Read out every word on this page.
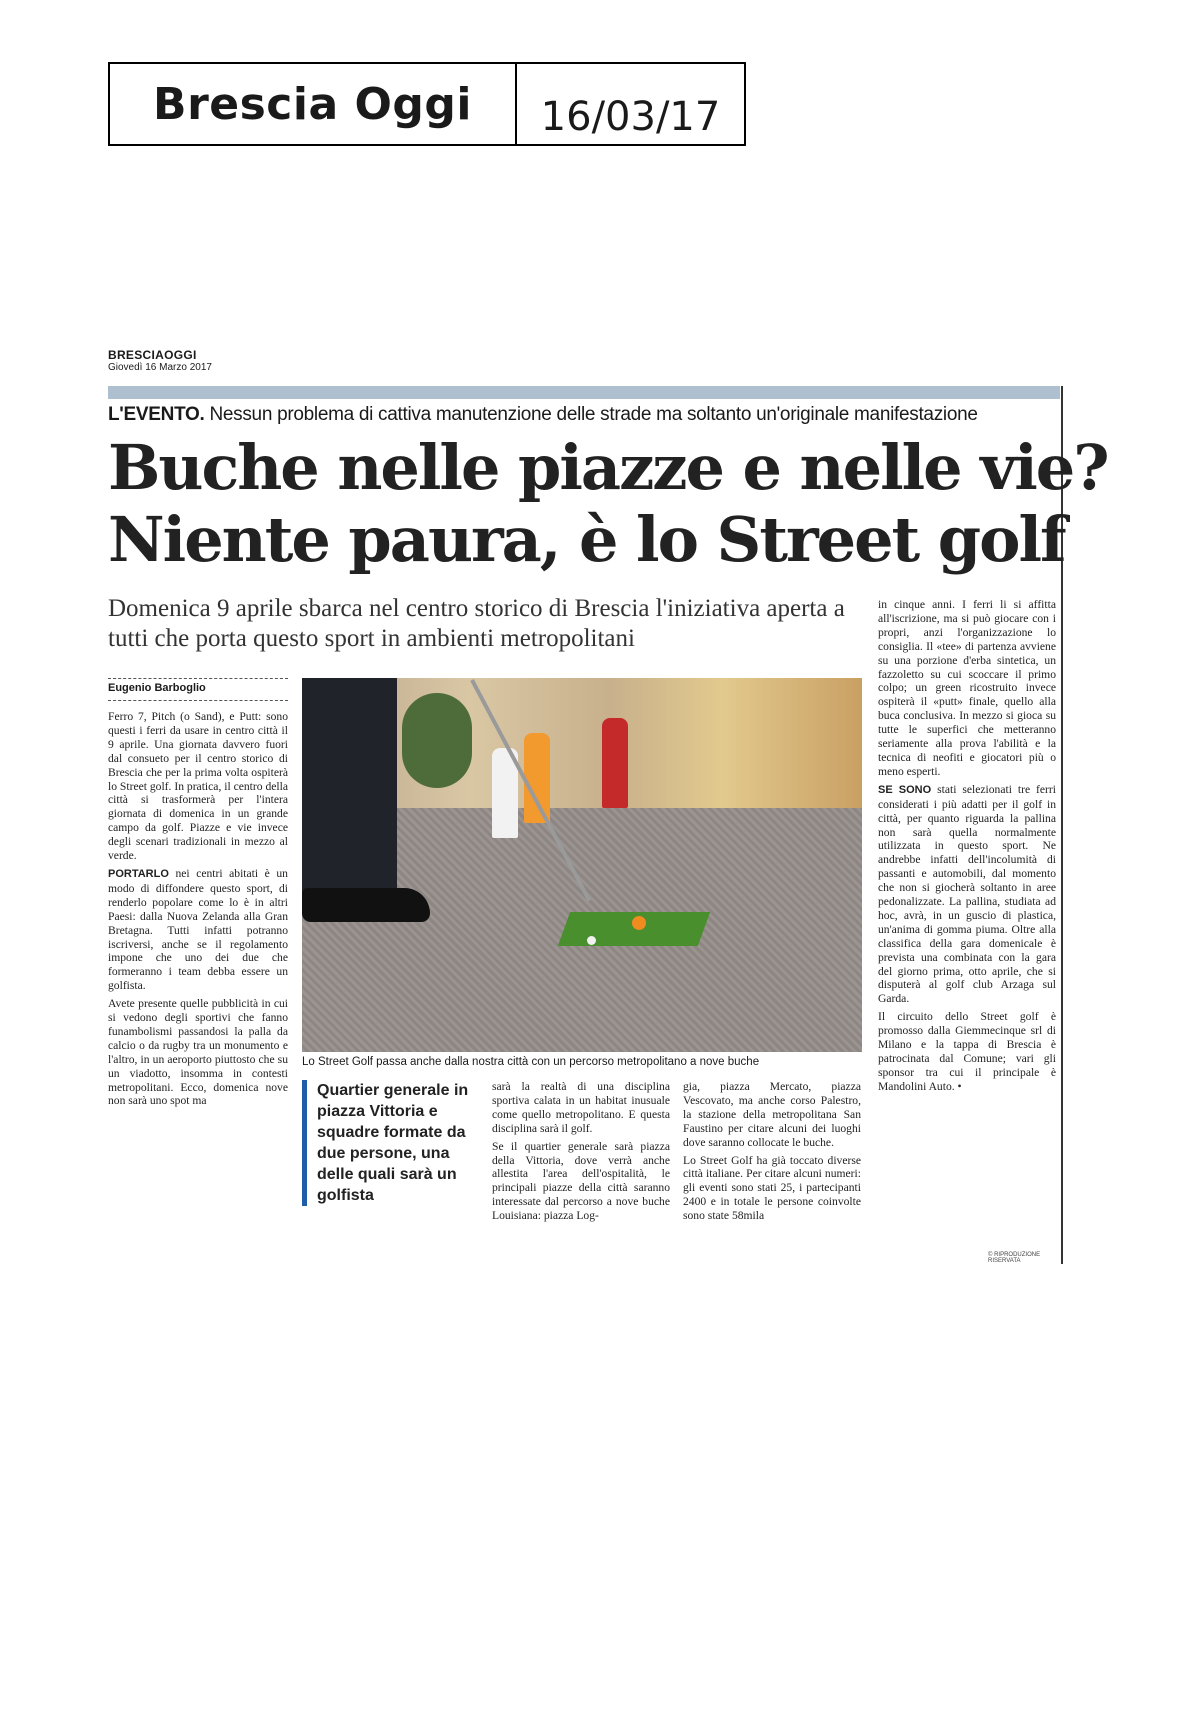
Brescia Oggi	16/03/17
BRESCIAOGGI
Giovedì 16 Marzo 2017
L'EVENTO. Nessun problema di cattiva manutenzione delle strade ma soltanto un'originale manifestazione
Buche nelle piazze e nelle vie?
Niente paura, è lo Street golf
Domenica 9 aprile sbarca nel centro storico di Brescia l'iniziativa aperta a tutti che porta questo sport in ambienti metropolitani
Eugenio Barboglio

Ferro 7, Pitch (o Sand), e Putt: sono questi i ferri da usare in centro città il 9 aprile. Una giornata davvero fuori dal consueto per il centro storico di Brescia che per la prima volta ospiterà lo Street golf. In pratica, il centro della città si trasformerà per l'intera giornata di domenica in un grande campo da golf. Piazze e vie invece degli scenari tradizionali in mezzo al verde.

PORTARLO nei centri abitati è un modo di diffondere questo sport, di renderlo popolare come lo è in altri Paesi: dalla Nuova Zelanda alla Gran Bretagna. Tutti infatti potranno iscriversi, anche se il regolamento impone che uno dei due che formeranno i team debba essere un golfista.

Avete presente quelle pubblicità in cui si vedono degli sportivi che fanno funambolismi passandosi la palla da calcio o da rugby tra un monumento e l'altro, in un aeroporto piuttosto che su un viadotto, insomma in contesti metropolitani. Ecco, domenica nove non sarà uno spot ma

Lo Street Golf passa anche dalla nostra città con un percorso metropolitano a nove buche
Quartier generale in piazza Vittoria e squadre formate da due persone, una delle quali sarà un golfista

sarà la realtà di una disciplina sportiva calata in un habitat inusuale come quello metropolitano. E questa disciplina sarà il golf.

Se il quartier generale sarà piazza della Vittoria, dove verrà anche allestita l'area dell'ospitalità, le principali piazze della città saranno interessate dal percorso a nove buche Louisiana: piazza Log-

gia, piazza Mercato, piazza Vescovato, ma anche corso Palestro, la stazione della metropolitana San Faustino per citare alcuni dei luoghi dove saranno collocate le buche.

Lo Street Golf ha già toccato diverse città italiane. Per citare alcuni numeri: gli eventi sono stati 25, i partecipanti 2400 e in totale le persone coinvolte sono state 58mila

in cinque anni. I ferri li si affitta all'iscrizione, ma si può giocare con i propri, anzi l'organizzazione lo consiglia. Il «tee» di partenza avviene su una porzione d'erba sintetica, un fazzoletto su cui scoccare il primo colpo; un green ricostruito invece ospiterà il «putt» finale, quello alla buca conclusiva. In mezzo si gioca su tutte le superfici che metteranno seriamente alla prova l'abilità e la tecnica di neofiti e giocatori più o meno esperti.

SE SONO stati selezionati tre ferri considerati i più adatti per il golf in città, per quanto riguarda la pallina non sarà quella normalmente utilizzata in questo sport. Ne andrebbe infatti dell'incolumità di passanti e automobili, dal momento che non si giocherà soltanto in aree pedonalizzate. La pallina, studiata ad hoc, avrà, in un guscio di plastica, un'anima di gomma piuma. Oltre alla classifica della gara domenicale è prevista una combinata con la gara del giorno prima, otto aprile, che si disputerà al golf club Arzaga sul Garda.

Il circuito dello Street golf è promosso dalla Giemmecinque srl di Milano e la tappa di Brescia è patrocinata dal Comune; vari gli sponsor tra cui il principale è Mandolini Auto. •

© RIPRODUZIONE RISERVATA
